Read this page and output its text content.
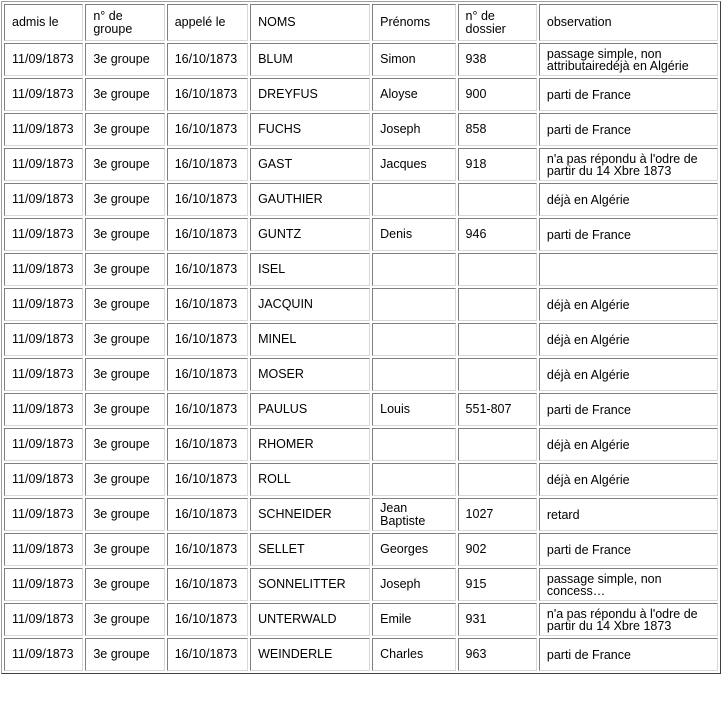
admis le	n° de groupe	appelé le	NOMS	Prénoms	n° de dossier	observation
11/09/1873	3e groupe	16/10/1873	BLUM	Simon	938	passage simple, non attributairedéjà en Algérie
11/09/1873	3e groupe	16/10/1873	DREYFUS	Aloyse	900	parti de France
11/09/1873	3e groupe	16/10/1873	FUCHS	Joseph	858	parti de France
11/09/1873	3e groupe	16/10/1873	GAST	Jacques	918	n'a pas répondu à l'odre de partir du 14 Xbre 1873
11/09/1873	3e groupe	16/10/1873	GAUTHIER			déjà en Algérie
11/09/1873	3e groupe	16/10/1873	GUNTZ	Denis	946	parti de France
11/09/1873	3e groupe	16/10/1873	ISEL			
11/09/1873	3e groupe	16/10/1873	JACQUIN			déjà en Algérie
11/09/1873	3e groupe	16/10/1873	MINEL			déjà en Algérie
11/09/1873	3e groupe	16/10/1873	MOSER			déjà en Algérie
11/09/1873	3e groupe	16/10/1873	PAULUS	Louis	551-807	parti de France
11/09/1873	3e groupe	16/10/1873	RHOMER			déjà en Algérie
11/09/1873	3e groupe	16/10/1873	ROLL			déjà en Algérie
11/09/1873	3e groupe	16/10/1873	SCHNEIDER	Jean Baptiste	1027	retard
11/09/1873	3e groupe	16/10/1873	SELLET	Georges	902	parti de France
11/09/1873	3e groupe	16/10/1873	SONNELITTER	Joseph	915	passage simple, non concess…
11/09/1873	3e groupe	16/10/1873	UNTERWALD	Emile	931	n'a pas répondu à l'odre de partir du 14 Xbre 1873
11/09/1873	3e groupe	16/10/1873	WEINDERLE	Charles	963	parti de France
